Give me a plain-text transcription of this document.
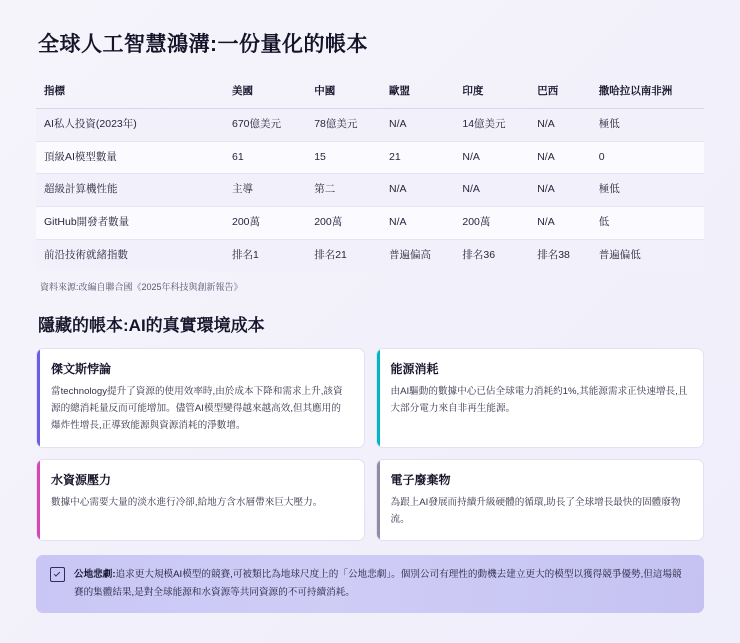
全球人工智慧鴻溝:一份量化的帳本
指標	美國	中國	歐盟	印度	巴西	撒哈拉以南非洲
AI私人投資(2023年)	670億美元	78億美元	N/A	14億美元	N/A	極低
頂級AI模型數量	61	15	21	N/A	N/A	0
超級計算機性能	主導	第二	N/A	N/A	N/A	極低
GitHub開發者數量	200萬	200萬	N/A	200萬	N/A	低
前沿技術就緒指數	排名1	排名21	普遍偏高	排名36	排名38	普遍偏低
資料來源:改編自聯合國《2025年科技與創新報告》
隱藏的帳本:AI的真實環境成本
傑文斯悖論

當technology提升了資源的使用效率時,由於成本下降和需求上升,該資源的總消耗量反而可能增加。儘管AI模型變得越來越高效,但其應用的爆炸性增長,正導致能源與資源消耗的淨數增。

能源消耗

由AI驅動的數據中心已佔全球電力消耗約1%,其能源需求正快速增長,且大部分電力來自非再生能源。

水資源壓力

數據中心需要大量的淡水進行冷卻,給地方含水層帶來巨大壓力。

電子廢棄物

為跟上AI發展而持續升級硬體的循環,助長了全球增長最快的固體廢物流。

公地悲劇:追求更大規模AI模型的競賽,可被類比為地球尺度上的「公地悲劇」。個別公司有理性的動機去建立更大的模型以獲得競爭優勢,但這場競賽的集體結果,是對全球能源和水資源等共同資源的不可持續消耗。
